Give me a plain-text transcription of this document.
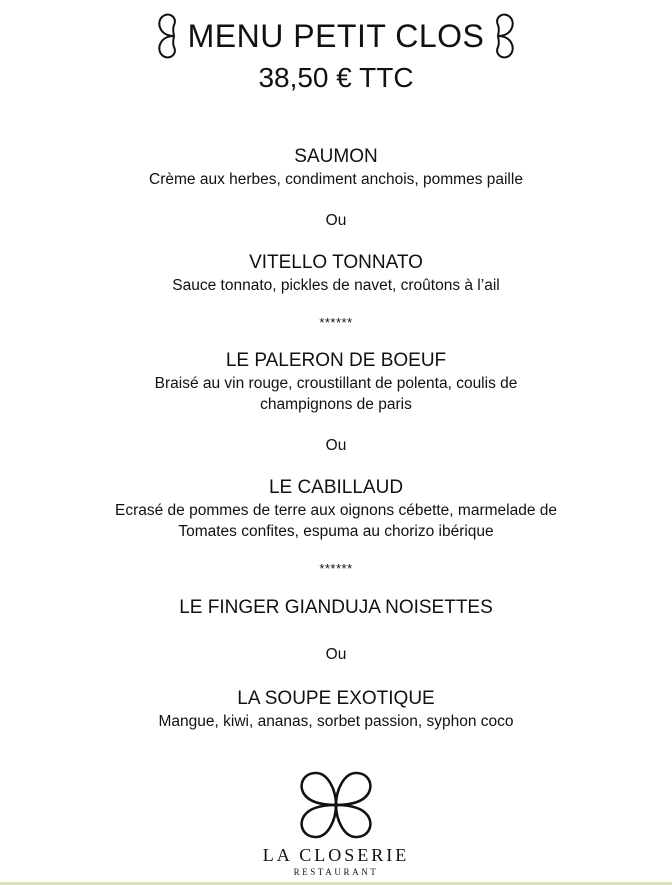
MENU PETIT CLOS
38,50 € TTC
SAUMON
Crème aux herbes, condiment anchois, pommes paille
Ou
VITELLO TONNATO
Sauce tonnato, pickles de navet, croûtons à l’ail
******
LE PALERON DE BOEUF
Braisé au vin rouge, croustillant de polenta, coulis de
champignons de paris
Ou
LE CABILLAUD
Ecrasé de pommes de terre aux oignons cébette, marmelade de
Tomates confites, espuma au chorizo ibérique
******
LE FINGER GIANDUJA NOISETTES
Ou
LA SOUPE EXOTIQUE
Mangue, kiwi, ananas, sorbet passion, syphon coco
LA CLOSERIE
RESTAURANT
